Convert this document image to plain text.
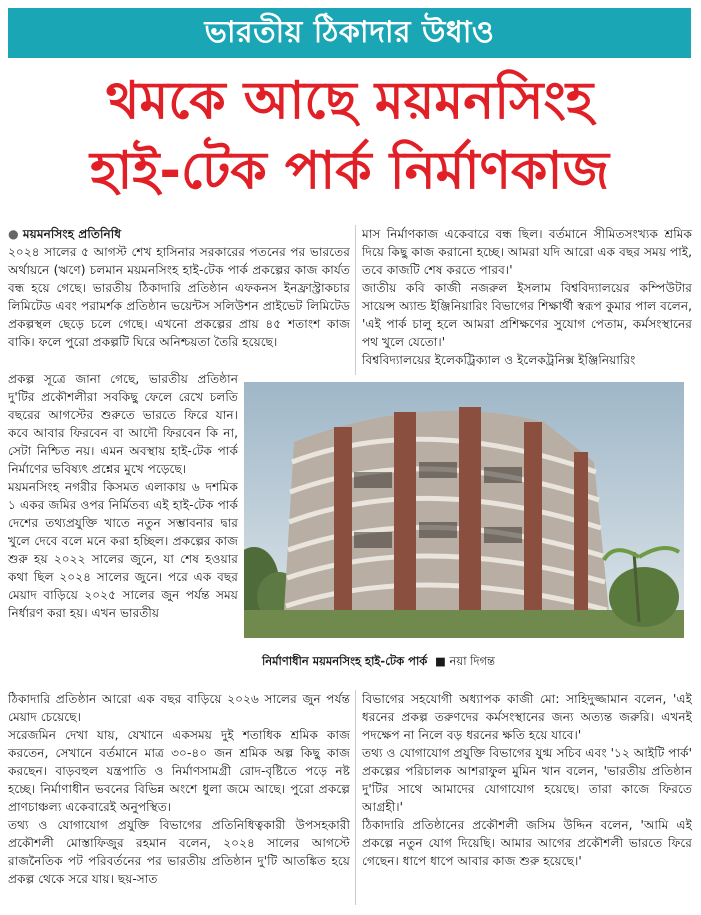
ভারতীয় ঠিকাদার উধাও
থমকে আছে ময়মনসিংহ
হাই-টেক পার্ক নির্মাণকাজ

● ময়মনসিংহ প্রতিনিধি

২০২৪ সালের ৫ আগস্ট শেখ হাসিনার সরকারের পতনের পর ভারতের অর্থায়নে (ঋণে) চলমান ময়মনসিংহ হাই-টেক পার্ক প্রকল্পের কাজ কার্যত বন্ধ হয়ে গেছে। ভারতীয় ঠিকাদারি প্রতিষ্ঠান এফকনস ইনফ্রাস্ট্রাকচার লিমিটেড এবং পরামর্শক প্রতিষ্ঠান ভয়েন্টস সলিউশন প্রাইভেট লিমিটেড প্রকল্পস্থল ছেড়ে চলে গেছে। এখনো প্রকল্পের প্রায় ৪৫ শতাংশ কাজ বাকি। ফলে পুরো প্রকল্পটি ঘিরে অনিশ্চয়তা তৈরি হয়েছে।

মাস নির্মাণকাজ একেবারে বন্ধ ছিল। বর্তমানে সীমিতসংখ্যক শ্রমিক দিয়ে কিছু কাজ করানো হচ্ছে। আমরা যদি আরো এক বছর সময় পাই, তবে কাজটি শেষ করতে পারব।'

জাতীয় কবি কাজী নজরুল ইসলাম বিশ্ববিদ্যালয়ের কম্পিউটার সায়েন্স অ্যান্ড ইঞ্জিনিয়ারিং বিভাগের শিক্ষার্থী স্বরূপ কুমার পাল বলেন, 'এই পার্ক চালু হলে আমরা প্রশিক্ষণের সুযোগ পেতাম, কর্মসংস্থানের পথ খুলে যেতো।'

বিশ্ববিদ্যালয়ের ইলেকট্রিক্যাল ও ইলেকট্রনিক্স ইঞ্জিনিয়ারিং

প্রকল্প সূত্রে জানা গেছে, ভারতীয় প্রতিষ্ঠান দু'টির প্রকৌশলীরা সবকিছু ফেলে রেখে চলতি বছরের আগস্টের শুরুতে ভারতে ফিরে যান। কবে আবার ফিরবেন বা আদৌ ফিরবেন কি না, সেটা নিশ্চিত নয়। এমন অবস্থায় হাই-টেক পার্ক নির্মাণের ভবিষ্যৎ প্রশ্নের মুখে পড়েছে।

ময়মনসিংহ নগরীর কিসমত এলাকায় ৬ দশমিক ১ একর জমির ওপর নির্মিতব্য এই হাই-টেক পার্ক দেশের তথ্যপ্রযুক্তি খাতে নতুন সম্ভাবনার দ্বার খুলে দেবে বলে মনে করা হচ্ছিল। প্রকল্পের কাজ শুরু হয় ২০২২ সালের জুনে, যা শেষ হওয়ার কথা ছিল ২০২৪ সালের জুনে। পরে এক বছর মেয়াদ বাড়িয়ে ২০২৫ সালের জুন পর্যন্ত সময় নির্ধারণ করা হয়। এখন ভারতীয়

নির্মাণাধীন ময়মনসিংহ হাই-টেক পার্ক ■ নয়া দিগন্ত

ঠিকাদারি প্রতিষ্ঠান আরো এক বছর বাড়িয়ে ২০২৬ সালের জুন পর্যন্ত মেয়াদ চেয়েছে।

সরেজমিন দেখা যায়, যেখানে একসময় দুই শতাধিক শ্রমিক কাজ করতেন, সেখানে বর্তমানে মাত্র ৩০-৪০ জন শ্রমিক অল্প কিছু কাজ করছেন। বাড়বহুল যন্ত্রপাতি ও নির্মাণসামগ্রী রোদ-বৃষ্টিতে পড়ে নষ্ট হচ্ছে। নির্মাণাধীন ভবনের বিভিন্ন অংশে ধুলা জমে আছে। পুরো প্রকল্পে প্রাণচাঞ্চল্য একেবারেই অনুপস্থিত।

তথ্য ও যোগাযোগ প্রযুক্তি বিভাগের প্রতিনিধিত্বকারী উপসহকারী প্রকৌশলী মোস্তাফিজুর রহমান বলেন, ২০২৪ সালের আগস্টে রাজনৈতিক পট পরিবর্তনের পর ভারতীয় প্রতিষ্ঠান দু'টি আতঙ্কিত হয়ে প্রকল্প থেকে সরে যায়। ছয়-সাত

বিভাগের সহযোগী অধ্যাপক কাজী মো: সাহিদুজ্জামান বলেন, 'এই ধরনের প্রকল্প তরুণদের কর্মসংস্থানের জন্য অত্যন্ত জরুরি। এখনই পদক্ষেপ না নিলে বড় ধরনের ক্ষতি হয়ে যাবে।'

তথ্য ও যোগাযোগ প্রযুক্তি বিভাগের যুগ্ম সচিব এবং '১২ আইটি পার্ক' প্রকল্পের পরিচালক আশরাফুল মুমিন খান বলেন, 'ভারতীয় প্রতিষ্ঠান দু'টির সাথে আমাদের যোগাযোগ হয়েছে। তারা কাজে ফিরতে আগ্রহী।'

ঠিকাদারি প্রতিষ্ঠানের প্রকৌশলী জসিম উদ্দিন বলেন, 'আমি এই প্রকল্পে নতুন যোগ দিয়েছি। আমার আগের প্রকৌশলী ভারতে ফিরে গেছেন। ধাপে ধাপে আবার কাজ শুরু হয়েছে।'
